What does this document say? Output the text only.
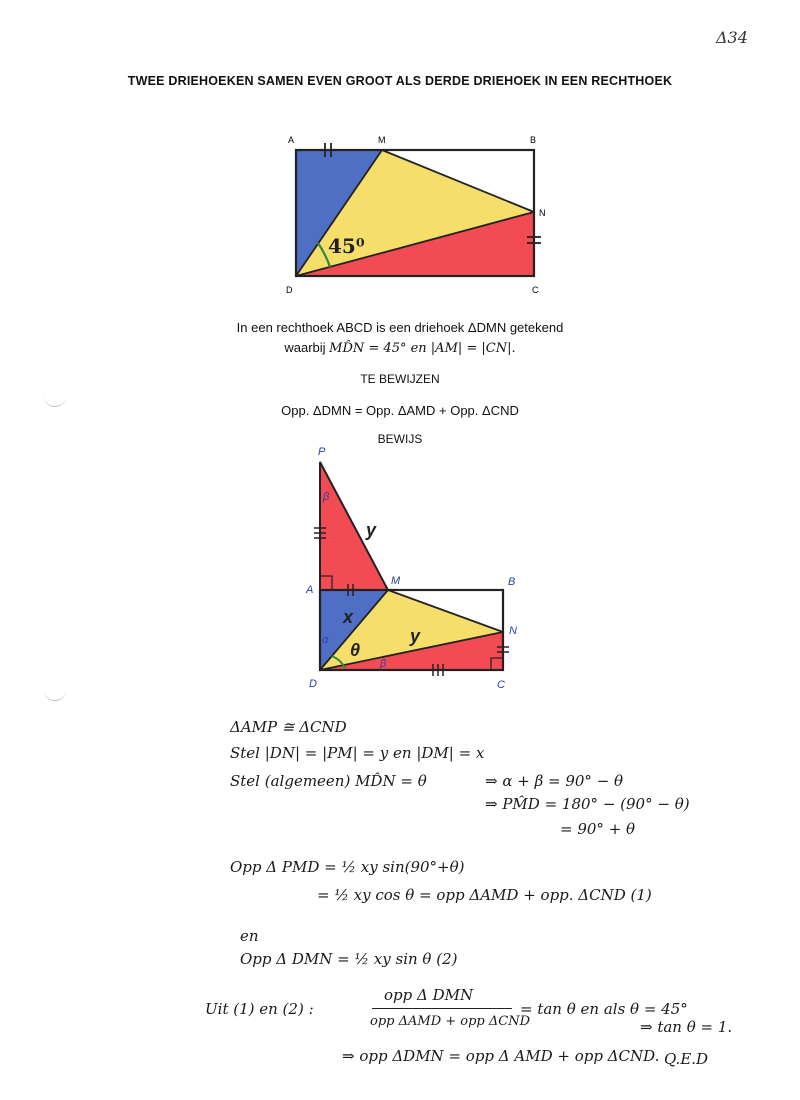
Δ34
TWEE DRIEHOEKEN SAMEN EVEN GROOT ALS DERDE DRIEHOEK IN EEN RECHTHOEK
A	M	B
N
D	C
45⁰
In een rechthoek ABCD is een driehoek ΔDMN getekend
waarbij MD̂N = 45° en |AM| = |CN|.
TE BEWIJZEN
Opp. ΔDMN = Opp. ΔAMD + Opp. ΔCND
BEWIJS
P
A
M	B
N
D	C
β
α
β
y
x
y
θ
ΔAMP ≅ ΔCND
Stel |DN| = |PM| = y en |DM| = x
Stel (algemeen) MD̂N = θ	⇒ α + β = 90° − θ
⇒ PM̂D = 180° − (90° − θ)
= 90° + θ
Opp Δ PMD = ½ xy sin(90°+θ)
= ½ xy cos θ = opp ΔAMD + opp. ΔCND (1)
en
Opp Δ DMN = ½ xy sin θ (2)
Uit (1) en (2) :
opp Δ DMN
opp ΔAMD + opp ΔCND
= tan θ en als θ = 45°
⇒ tan θ = 1.
⇒ opp ΔDMN = opp Δ AMD + opp ΔCND. Q.E.D
